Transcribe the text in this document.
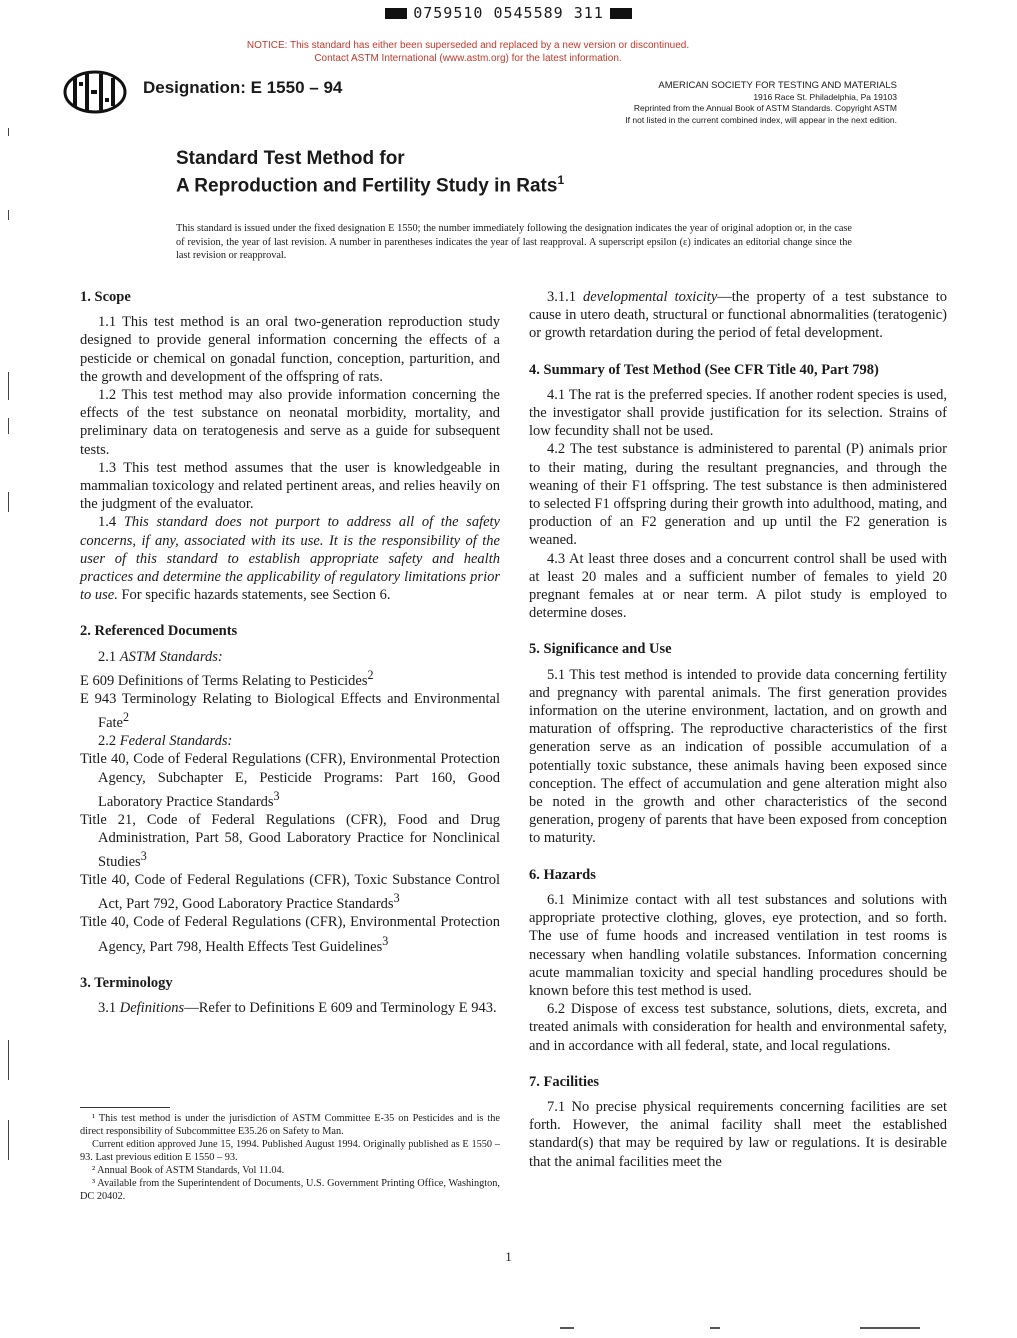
0759510 0545589 311
NOTICE: This standard has either been superseded and replaced by a new version or discontinued.
Contact ASTM International (www.astm.org) for the latest information.
Designation: E 1550 – 94	AMERICAN SOCIETY FOR TESTING AND MATERIALS
1916 Race St. Philadelphia, Pa 19103
Reprinted from the Annual Book of ASTM Standards. Copyright ASTM
If not listed in the current combined index, will appear in the next edition.
Standard Test Method for
A Reproduction and Fertility Study in Rats$^1$
This standard is issued under the fixed designation E 1550; the number immediately following the designation indicates the year of original adoption or, in the case of revision, the year of last revision. A number in parentheses indicates the year of last reapproval. A superscript epsilon (ε) indicates an editorial change since the last revision or reapproval.
1. Scope

1.1 This test method is an oral two-generation reproduction study designed to provide general information concerning the effects of a pesticide or chemical on gonadal function, conception, parturition, and the growth and development of the offspring of rats.

1.2 This test method may also provide information concerning the effects of the test substance on neonatal morbidity, mortality, and preliminary data on teratogenesis and serve as a guide for subsequent tests.

1.3 This test method assumes that the user is knowledgeable in mammalian toxicology and related pertinent areas, and relies heavily on the judgment of the evaluator.

1.4 This standard does not purport to address all of the safety concerns, if any, associated with its use. It is the responsibility of the user of this standard to establish appropriate safety and health practices and determine the applicability of regulatory limitations prior to use. For specific hazards statements, see Section 6.

2. Referenced Documents

2.1 ASTM Standards:

E 609 Definitions of Terms Relating to Pesticides$^2$

E 943 Terminology Relating to Biological Effects and Environmental Fate$^2$

2.2 Federal Standards:

Title 40, Code of Federal Regulations (CFR), Environmental Protection Agency, Subchapter E, Pesticide Programs: Part 160, Good Laboratory Practice Standards$^3$

Title 21, Code of Federal Regulations (CFR), Food and Drug Administration, Part 58, Good Laboratory Practice for Nonclinical Studies$^3$

Title 40, Code of Federal Regulations (CFR), Toxic Substance Control Act, Part 792, Good Laboratory Practice Standards$^3$

Title 40, Code of Federal Regulations (CFR), Environmental Protection Agency, Part 798, Health Effects Test Guidelines$^3$

3. Terminology

3.1 Definitions—Refer to Definitions E 609 and Terminology E 943.

¹ This test method is under the jurisdiction of ASTM Committee E-35 on Pesticides and is the direct responsibility of Subcommittee E35.26 on Safety to Man.

Current edition approved June 15, 1994. Published August 1994. Originally published as E 1550 – 93. Last previous edition E 1550 – 93.

² Annual Book of ASTM Standards, Vol 11.04.

³ Available from the Superintendent of Documents, U.S. Government Printing Office, Washington, DC 20402.

3.1.1 developmental toxicity—the property of a test substance to cause in utero death, structural or functional abnormalities (teratogenic) or growth retardation during the period of fetal development.

4. Summary of Test Method (See CFR Title 40, Part 798)

4.1 The rat is the preferred species. If another rodent species is used, the investigator shall provide justification for its selection. Strains of low fecundity shall not be used.

4.2 The test substance is administered to parental (P) animals prior to their mating, during the resultant pregnancies, and through the weaning of their F1 offspring. The test substance is then administered to selected F1 offspring during their growth into adulthood, mating, and production of an F2 generation and up until the F2 generation is weaned.

4.3 At least three doses and a concurrent control shall be used with at least 20 males and a sufficient number of females to yield 20 pregnant females at or near term. A pilot study is employed to determine doses.

5. Significance and Use

5.1 This test method is intended to provide data concerning fertility and pregnancy with parental animals. The first generation provides information on the uterine environment, lactation, and on growth and maturation of offspring. The reproductive characteristics of the first generation serve as an indication of possible accumulation of a potentially toxic substance, these animals having been exposed since conception. The effect of accumulation and gene alteration might also be noted in the growth and other characteristics of the second generation, progeny of parents that have been exposed from conception to maturity.

6. Hazards

6.1 Minimize contact with all test substances and solutions with appropriate protective clothing, gloves, eye protection, and so forth. The use of fume hoods and increased ventilation in test rooms is necessary when handling volatile substances. Information concerning acute mammalian toxicity and special handling procedures should be known before this test method is used.

6.2 Dispose of excess test substance, solutions, diets, excreta, and treated animals with consideration for health and environmental safety, and in accordance with all federal, state, and local regulations.

7. Facilities

7.1 No precise physical requirements concerning facilities are set forth. However, the animal facility shall meet the established standard(s) that may be required by law or regulations. It is desirable that the animal facilities meet the

1
